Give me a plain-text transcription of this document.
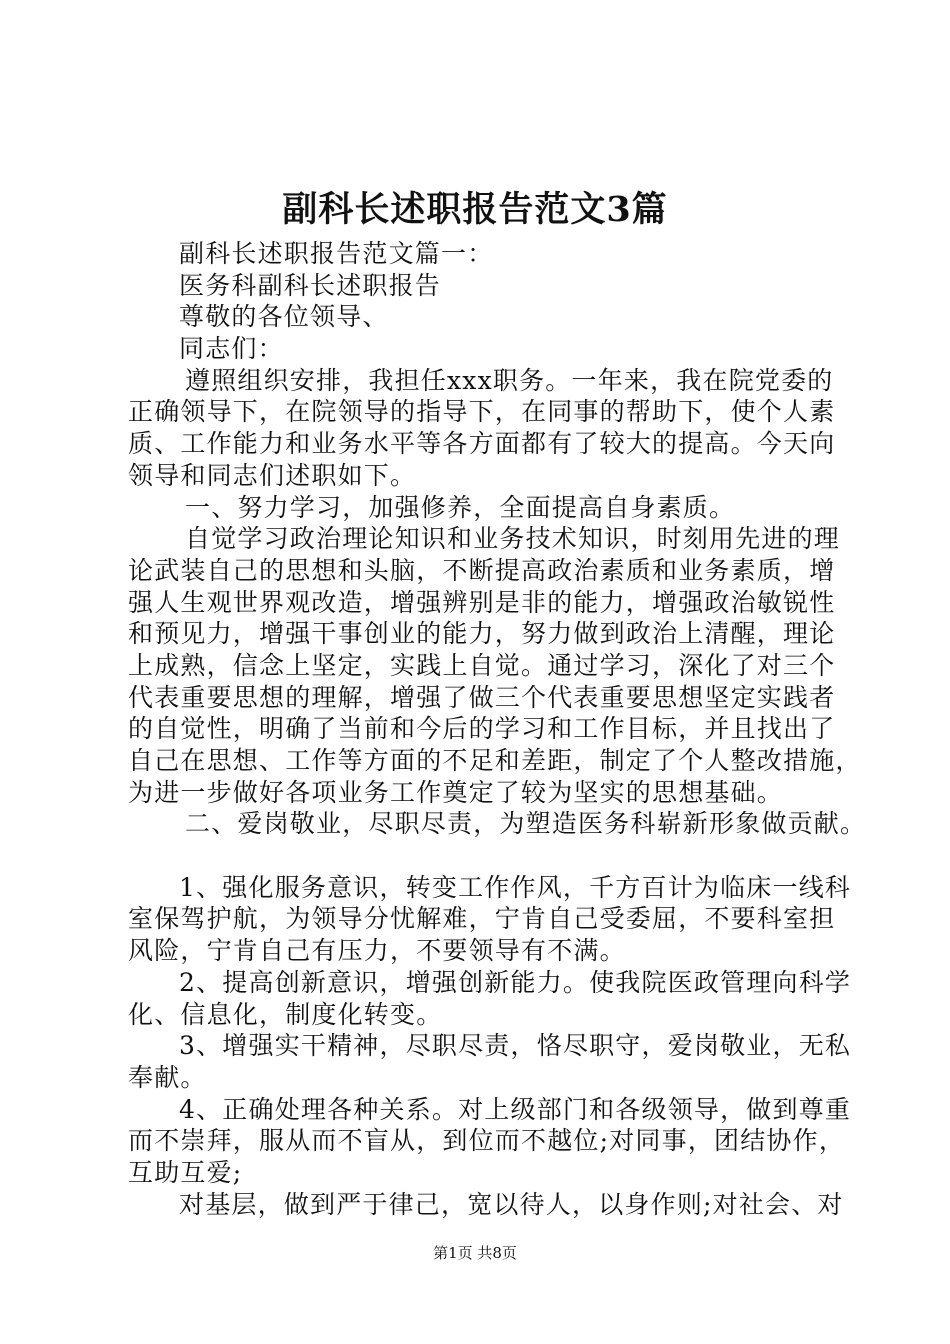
副科长述职报告范文3篇
副科长述职报告范文篇一：
医务科副科长述职报告
尊敬的各位领导、
同志们：
遵照组织安排，我担任xxx职务。一年来，我在院党委的
正确领导下，在院领导的指导下，在同事的帮助下，使个人素
质、工作能力和业务水平等各方面都有了较大的提高。今天向
领导和同志们述职如下。
一、努力学习，加强修养，全面提高自身素质。
自觉学习政治理论知识和业务技术知识，时刻用先进的理
论武装自己的思想和头脑，不断提高政治素质和业务素质，增
强人生观世界观改造，增强辨别是非的能力，增强政治敏锐性
和预见力，增强干事创业的能力，努力做到政治上清醒，理论
上成熟，信念上坚定，实践上自觉。通过学习，深化了对三个
代表重要思想的理解，增强了做三个代表重要思想坚定实践者
的自觉性，明确了当前和今后的学习和工作目标，并且找出了
自己在思想、工作等方面的不足和差距，制定了个人整改措施，
为进一步做好各项业务工作奠定了较为坚实的思想基础。
二、爱岗敬业，尽职尽责，为塑造医务科崭新形象做贡献。
1、强化服务意识，转变工作作风，千方百计为临床一线科
室保驾护航，为领导分忧解难，宁肯自己受委屈，不要科室担
风险，宁肯自己有压力，不要领导有不满。
2、提高创新意识，增强创新能力。使我院医政管理向科学
化、信息化，制度化转变。
3、增强实干精神，尽职尽责，恪尽职守，爱岗敬业，无私
奉献。
4、正确处理各种关系。对上级部门和各级领导，做到尊重
而不崇拜，服从而不盲从，到位而不越位;对同事，团结协作，
互助互爱;
对基层，做到严于律己，宽以待人，以身作则;对社会、对
第1页 共8页
